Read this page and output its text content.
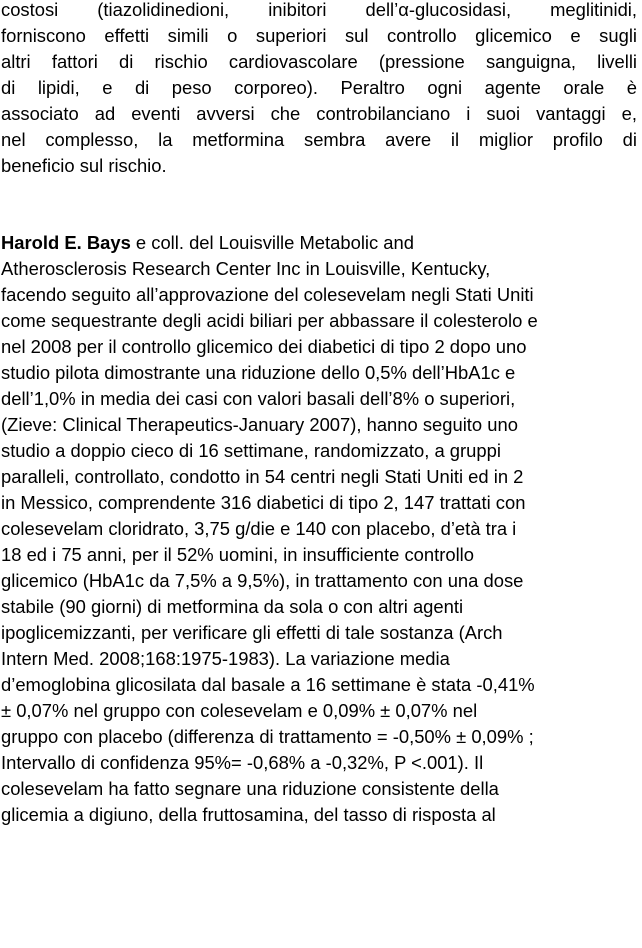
costosi (tiazolidinedioni, inibitori dell’α-glucosidasi, meglitinidi,
forniscono effetti simili o superiori sul controllo glicemico e sugli
altri fattori di rischio cardiovascolare (pressione sanguigna, livelli
di lipidi, e di peso corporeo). Peraltro ogni agente orale è
associato ad eventi avversi che controbilanciano i suoi vantaggi e,
nel complesso, la metformina sembra avere il miglior profilo di
beneficio sul rischio.
Harold E. Bays e coll. del Louisville Metabolic and
Atherosclerosis Research Center Inc in Louisville, Kentucky,
facendo seguito all’approvazione del colesevelam negli Stati Uniti
come sequestrante degli acidi biliari per abbassare il colesterolo e
nel 2008 per il controllo glicemico dei diabetici di tipo 2 dopo uno
studio pilota dimostrante una riduzione dello 0,5% dell’HbA1c e
dell’1,0% in media dei casi con valori basali dell’8% o superiori,
(Zieve: Clinical Therapeutics-January 2007), hanno seguito uno
studio a doppio cieco di 16 settimane, randomizzato, a gruppi
paralleli, controllato, condotto in 54 centri negli Stati Uniti ed in 2
in Messico, comprendente 316 diabetici di tipo 2, 147 trattati con
colesevelam cloridrato, 3,75 g/die e 140 con placebo, d’età tra i
18 ed i 75 anni, per il 52% uomini, in insufficiente controllo
glicemico (HbA1c da 7,5% a 9,5%), in trattamento con una dose
stabile (90 giorni) di metformina da sola o con altri agenti
ipoglicemizzanti, per verificare gli effetti di tale sostanza (Arch
Intern Med. 2008;168:1975-1983). La variazione media
d’emoglobina glicosilata dal basale a 16 settimane è stata -0,41%
± 0,07% nel gruppo con colesevelam e 0,09% ± 0,07% nel
gruppo con placebo (differenza di trattamento = -0,50% ± 0,09% ;
Intervallo di confidenza 95%= -0,68% a -0,32%, P <.001). Il
colesevelam ha fatto segnare una riduzione consistente della
glicemia a digiuno, della fruttosamina, del tasso di risposta al
